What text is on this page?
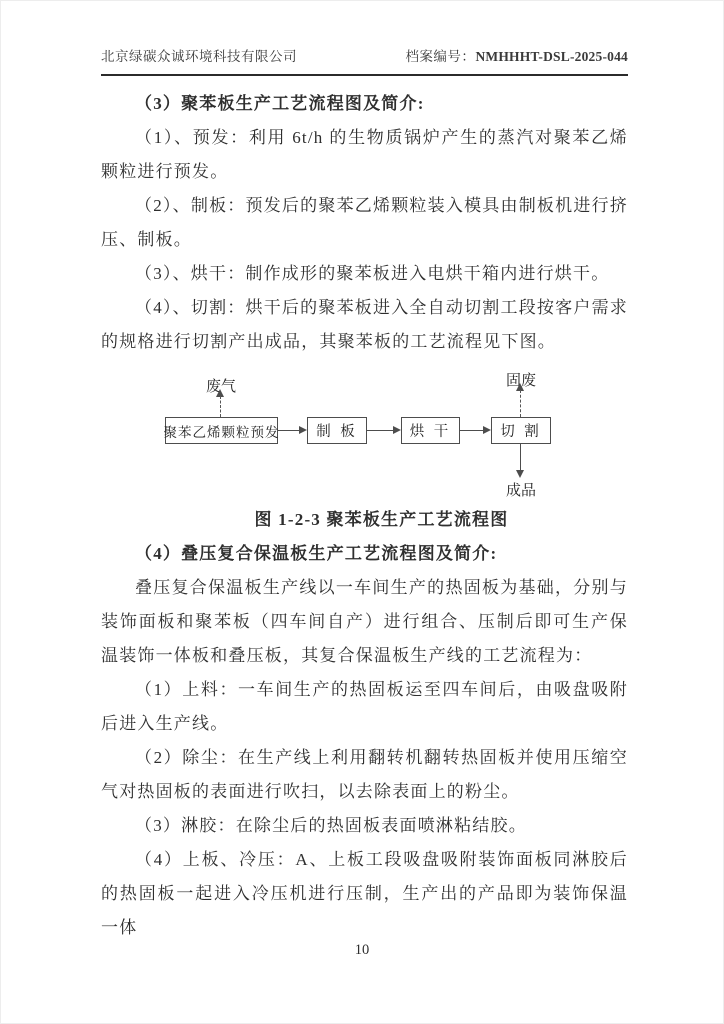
北京绿碳众诚环境科技有限公司	档案编号：NMHHHT-DSL-2025-044

（3）聚苯板生产工艺流程图及简介:

（1）、预发：利用 6t/h 的生物质锅炉产生的蒸汽对聚苯乙烯颗粒进行预发。

（2）、制板：预发后的聚苯乙烯颗粒装入模具由制板机进行挤压、制板。

（3）、烘干：制作成形的聚苯板进入电烘干箱内进行烘干。

（4）、切割：烘干后的聚苯板进入全自动切割工段按客户需求的规格进行切割产出成品，其聚苯板的工艺流程见下图。

废气	固废
聚苯乙烯颗粒预发	制 板	烘 干	切 割
成品

图 1-2-3 聚苯板生产工艺流程图

（4）叠压复合保温板生产工艺流程图及简介:

叠压复合保温板生产线以一车间生产的热固板为基础，分别与装饰面板和聚苯板（四车间自产）进行组合、压制后即可生产保温装饰一体板和叠压板，其复合保温板生产线的工艺流程为：

（1）上料：一车间生产的热固板运至四车间后，由吸盘吸附后进入生产线。

（2）除尘：在生产线上利用翻转机翻转热固板并使用压缩空气对热固板的表面进行吹扫，以去除表面上的粉尘。

（3）淋胶：在除尘后的热固板表面喷淋粘结胶。

（4）上板、冷压：A、上板工段吸盘吸附装饰面板同淋胶后的热固板一起进入冷压机进行压制，生产出的产品即为装饰保温一体

10
